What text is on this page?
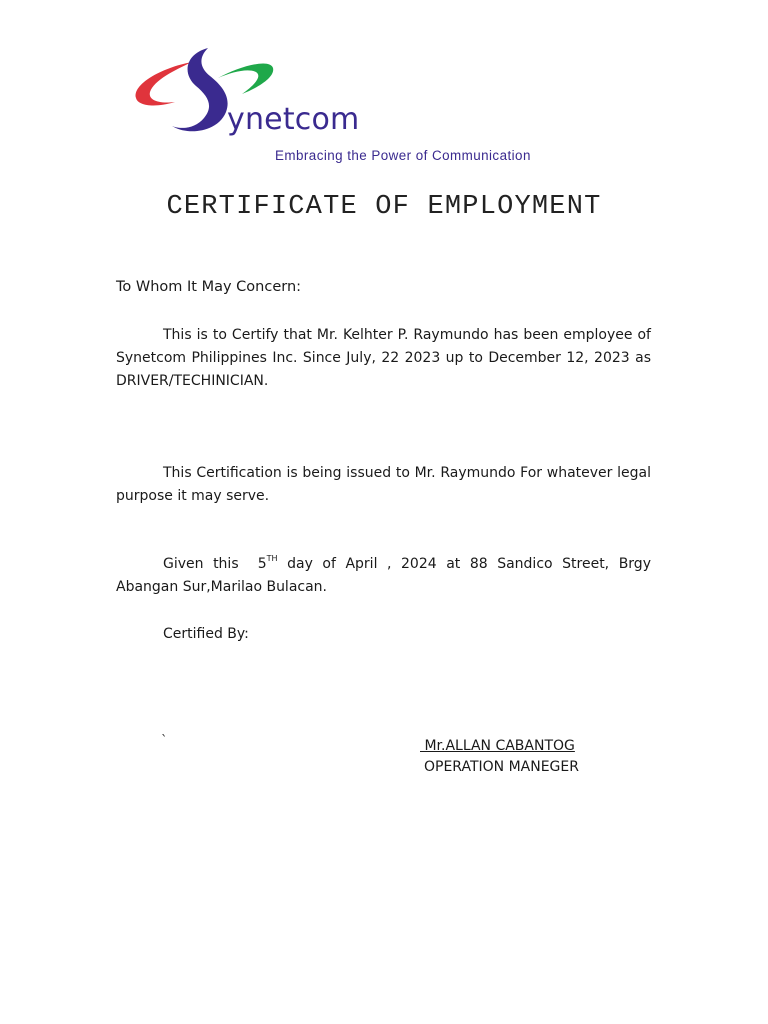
ynetcom
Embracing the Power of Communication
CERTIFICATE OF EMPLOYMENT
To Whom It May Concern:
This is to Certify that Mr. Kelhter P. Raymundo has been employee of Synetcom Philippines Inc. Since July, 22 2023 up to December 12, 2023 as DRIVER/TECHINICIAN.
This Certification is being issued to Mr. Raymundo For whatever legal purpose it may serve.
Given this  5TH day of April , 2024 at 88 Sandico Street, Brgy Abangan Sur,Marilao Bulacan.
Certified By:
`	Mr.ALLAN CABANTOG
OPERATION MANEGER
